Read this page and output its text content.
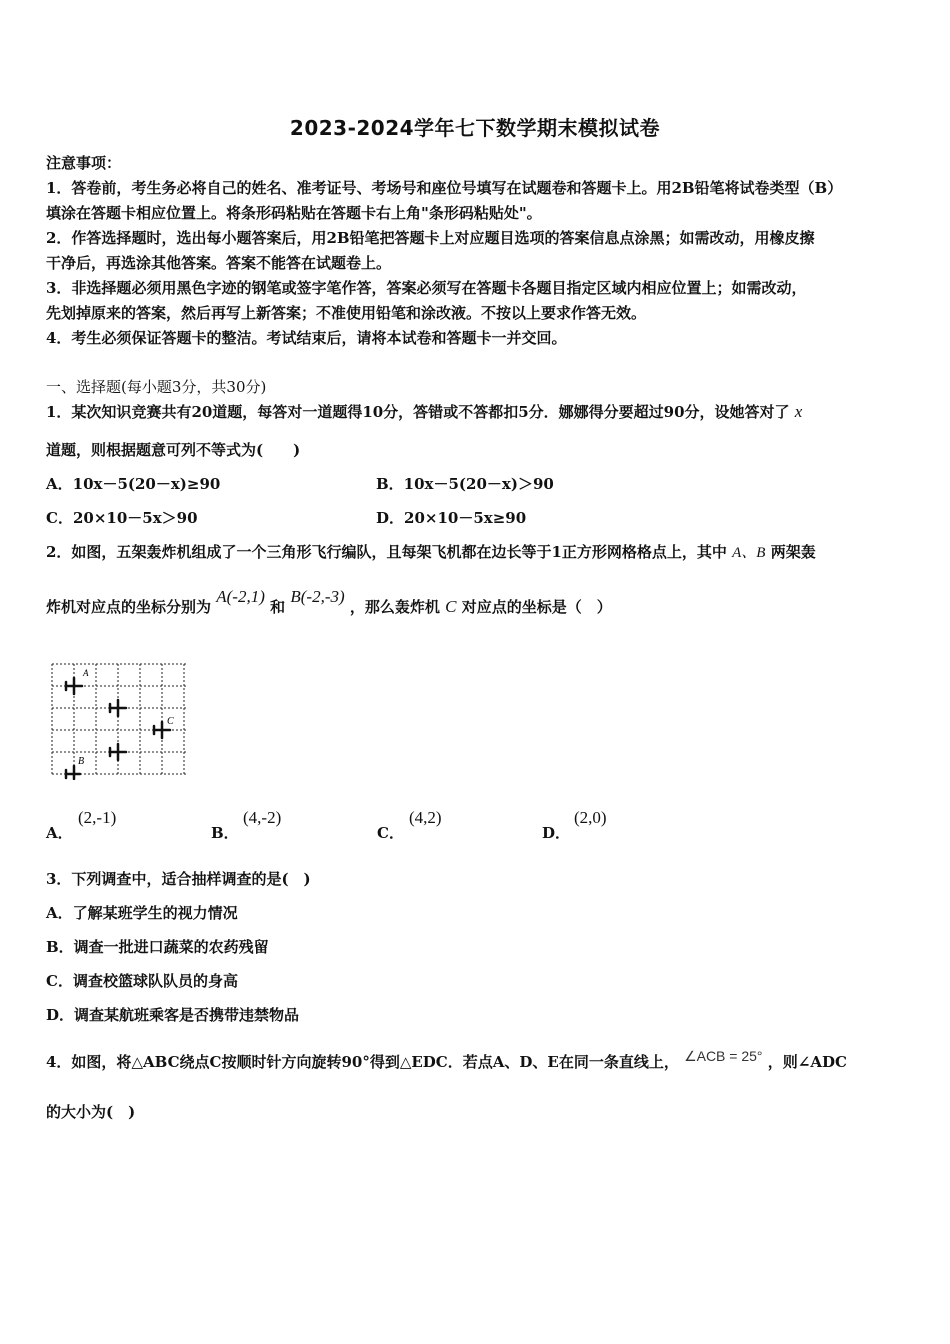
2023-2024学年七下数学期末模拟试卷
注意事项：
1．答卷前，考生务必将自己的姓名、准考证号、考场号和座位号填写在试题卷和答题卡上。用2B铅笔将试卷类型（B）
填涂在答题卡相应位置上。将条形码粘贴在答题卡右上角"条形码粘贴处"。
2．作答选择题时，选出每小题答案后，用2B铅笔把答题卡上对应题目选项的答案信息点涂黑；如需改动，用橡皮擦
干净后，再选涂其他答案。答案不能答在试题卷上。
3．非选择题必须用黑色字迹的钢笔或签字笔作答，答案必须写在答题卡各题目指定区域内相应位置上；如需改动，
先划掉原来的答案，然后再写上新答案；不准使用铅笔和涂改液。不按以上要求作答无效。
4．考生必须保证答题卡的整洁。考试结束后，请将本试卷和答题卡一并交回。
一、选择题(每小题3分，共30分)
1．某次知识竞赛共有20道题，每答对一道题得10分，答错或不答都扣5分．娜娜得分要超过90分，设她答对了 x
道题，则根据题意可列不等式为(　　)
A．10x－5(20－x)≥90	B．10x－5(20－x)＞90
C．20×10－5x＞90	D．20×10－5x≥90
2．如图，五架轰炸机组成了一个三角形飞行编队，且每架飞机都在边长等于1正方形网格格点上，其中 A、B 两架轰
炸机对应点的坐标分别为 A(-2,1) 和 B(-2,-3) ，那么轰炸机 C 对应点的坐标是（　）
A
C
B
A．
(2,-1)
B．
(4,-2)
C．
(4,2)
D．
(2,0)
3．下列调查中，适合抽样调查的是(　)
A．了解某班学生的视力情况
B．调查一批进口蔬菜的农药残留
C．调查校篮球队队员的身高
D．调查某航班乘客是否携带违禁物品
4．如图，将△ABC绕点C按顺时针方向旋转90°得到△EDC．若点A、D、E在同一条直线上， ∠ACB = 25° ，则∠ADC
的大小为(　)
